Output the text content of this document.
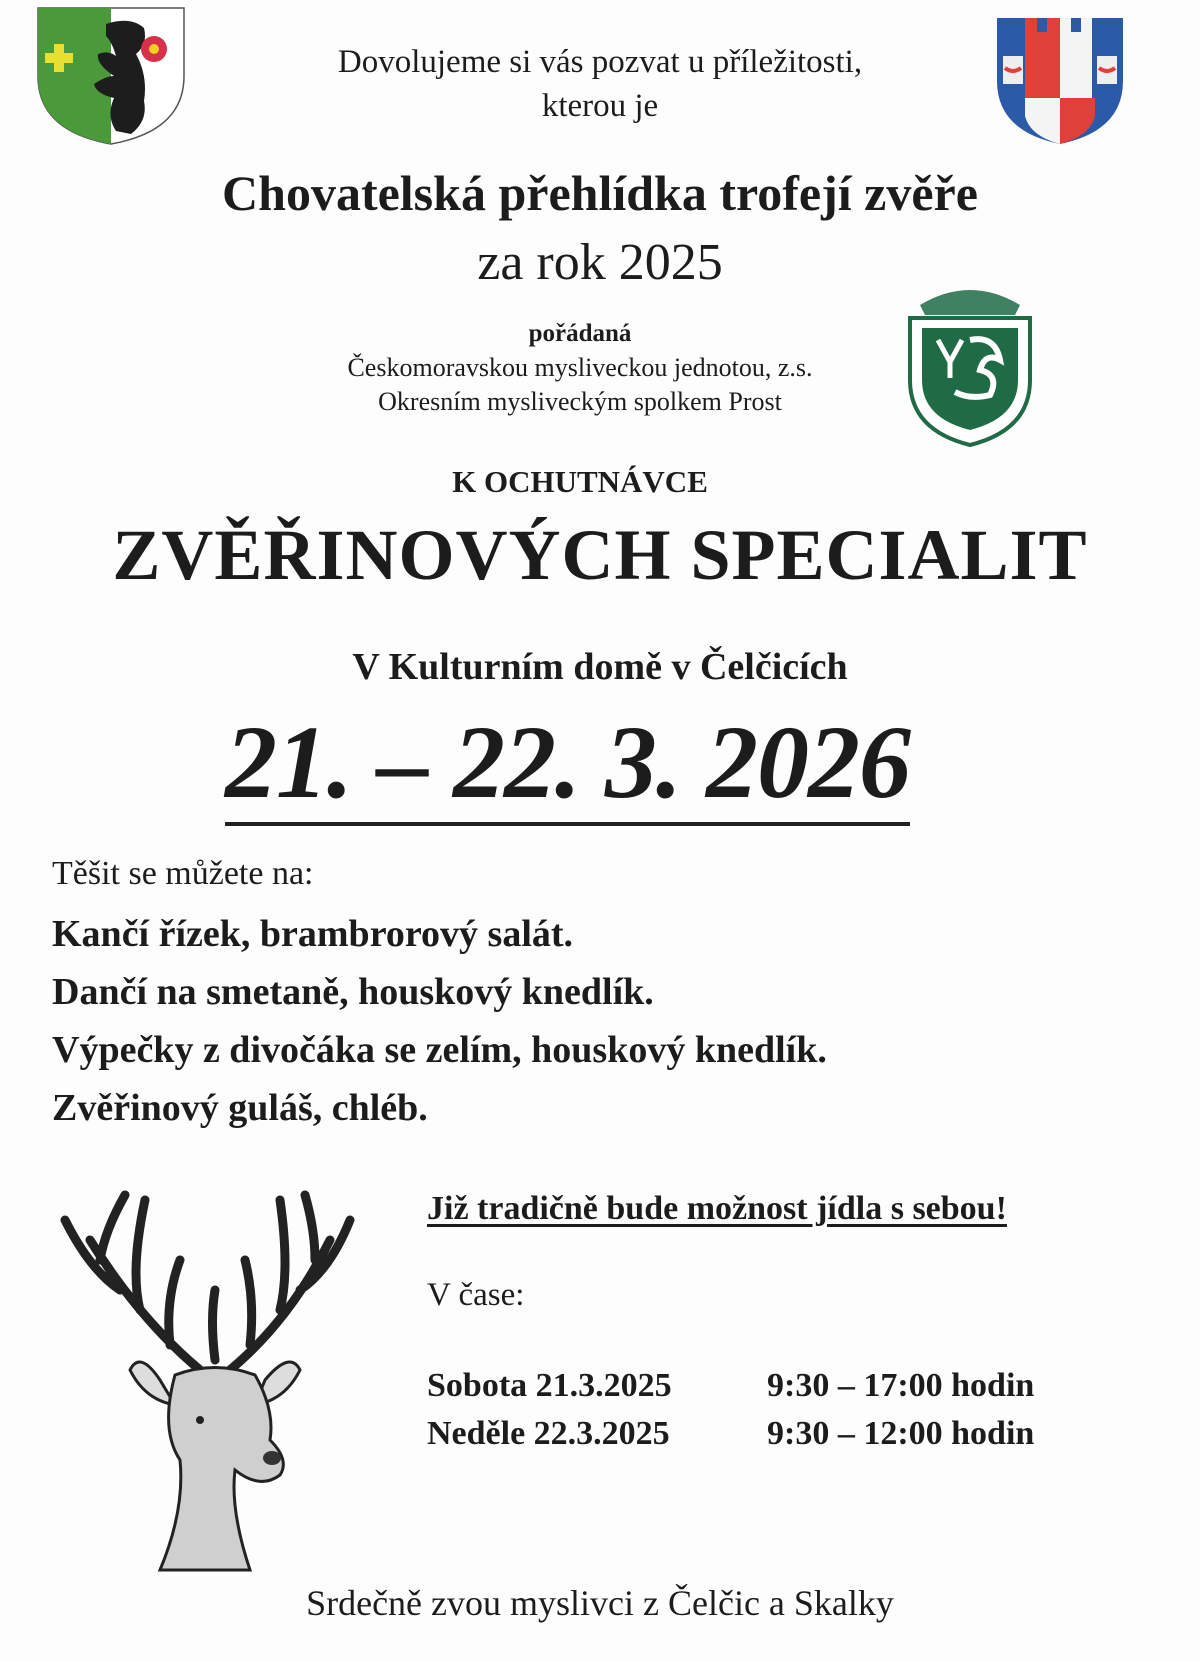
Dovolujeme si vás pozvat u příležitosti,
kterou je
Chovatelská přehlídka trofejí zvěře
za rok 2025
pořádaná
Českomoravskou mysliveckou jednotou, z.s.
Okresním mysliveckým spolkem Prost
K OCHUTNÁVCE
ZVĚŘINOVÝCH SPECIALIT
V Kulturním domě v Čelčicích
21. – 22. 3. 2026
Těšit se můžete na:
Kančí řízek, brambrorový salát.
Dančí na smetaně, houskový knedlík.
Výpečky z divočáka se zelím, houskový knedlík.
Zvěřinový guláš, chléb.
Již tradičně bude možnost jídla s sebou!
V čase:
Sobota 21.3.2025	9:30 – 17:00 hodin
Neděle 22.3.2025	9:30 – 12:00 hodin
Srdečně zvou myslivci z Čelčic a Skalky
